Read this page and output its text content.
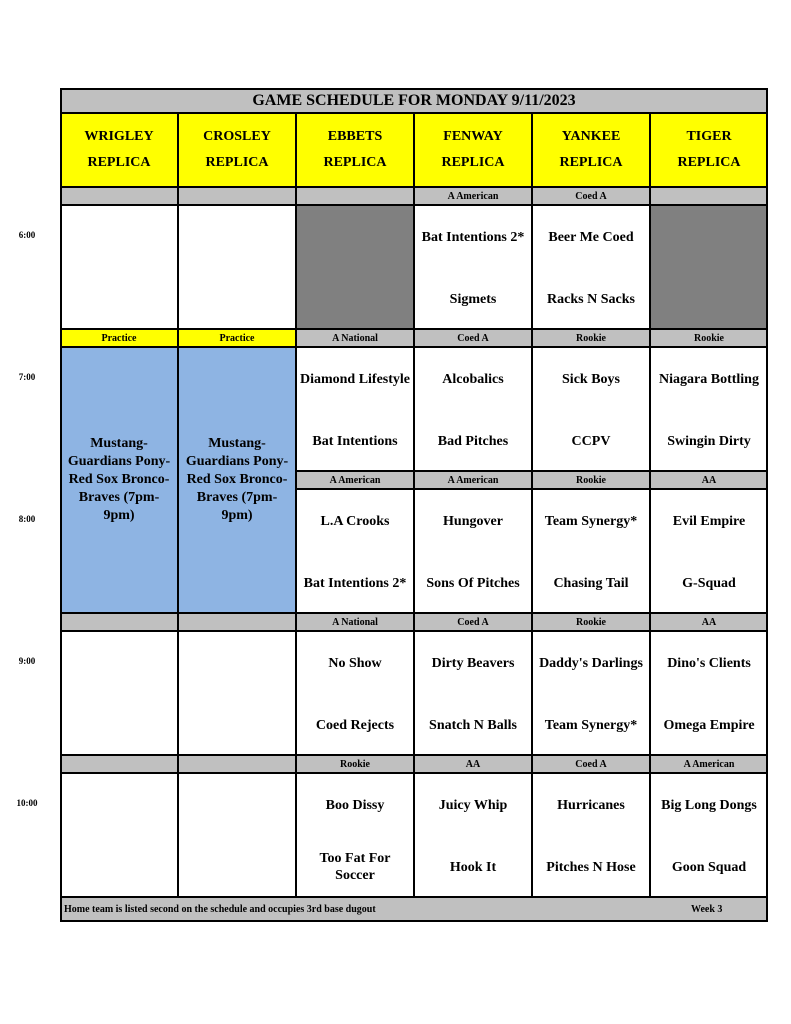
6:00
7:00
8:00
9:00
10:00
GAME SCHEDULE FOR MONDAY 9/11/2023
WRIGLEY
REPLICA
CROSLEY
REPLICA
EBBETS
REPLICA
FENWAY
REPLICA
YANKEE
REPLICA
TIGER
REPLICA
A American
Bat Intentions 2*
Sigmets
Coed A
Beer Me Coed
Racks N Sacks
Practice
Mustang-Guardians Pony-Red Sox Bronco-Braves (7pm-9pm)
Practice
Mustang-Guardians Pony-Red Sox Bronco-Braves (7pm-9pm)
A National
Diamond Lifestyle
Bat Intentions
Coed A
Alcobalics
Bad Pitches
Rookie
Sick Boys
CCPV
Rookie
Niagara Bottling
Swingin Dirty
A American
L.A Crooks
Bat Intentions 2*
A American
Hungover
Sons Of Pitches
Rookie
Team Synergy*
Chasing Tail
AA
Evil Empire
G-Squad
A National
No Show
Coed Rejects
Coed A
Dirty Beavers
Snatch N Balls
Rookie
Daddy's Darlings
Team Synergy*
AA
Dino's Clients
Omega Empire
Rookie
Boo Dissy
Too Fat For Soccer
AA
Juicy Whip
Hook It
Coed A
Hurricanes
Pitches N Hose
A American
Big Long Dongs
Goon Squad
Home team is listed second on the schedule and occupies 3rd base dugout	Week 3
